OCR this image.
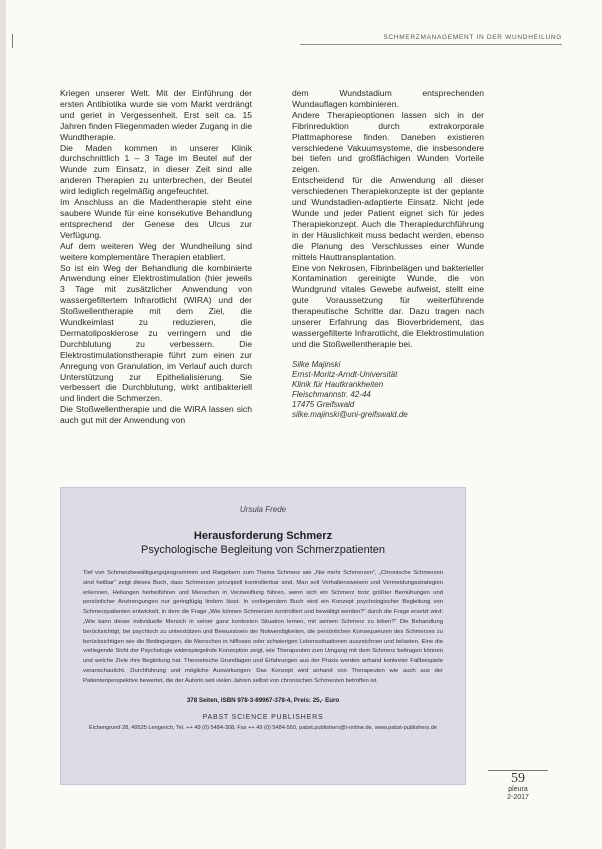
SCHMERZMANAGEMENT IN DER WUNDHEILUNG

Kriegen unserer Welt. Mit der Einführung der ersten Antibiotika wurde sie vom Markt verdrängt und geriet in Vergessenheit. Erst seit ca. 15 Jahren finden Fliegenmaden wieder Zugang in die Wundtherapie.

Die Maden kommen in unserer Klinik durchschnittlich 1 – 3 Tage im Beutel auf der Wunde zum Einsatz, in dieser Zeit sind alle anderen Therapien zu unterbrechen, der Beutel wird lediglich regelmäßig angefeuchtet.

Im Anschluss an die Madentherapie steht eine saubere Wunde für eine konsekutive Behandlung entsprechend der Genese des Ulcus zur Verfügung.

Auf dem weiteren Weg der Wundheilung sind weitere komplementäre Therapien etabliert.

So ist ein Weg der Behandlung die kombinierte Anwendung einer Elektrostimulation (hier jeweils 3 Tage mit zusätzlicher Anwendung von wassergefiltertem Infrarotlicht (WIRA) und der Stoßwellentherapie mit dem Ziel, die Wundkeimlast zu reduzieren, die Dermatoliposklerose zu verringern und die Durchblutung zu verbessern. Die Elektrostimulationstherapie führt zum einen zur Anregung von Granulation, im Verlauf auch durch Unterstützung zur Epithelialisierung. Sie verbessert die Durchblutung, wirkt antibakteriell und lindert die Schmerzen.

Die Stoßwellentherapie und die WIRA lassen sich auch gut mit der Anwendung von

dem Wundstadium entsprechenden Wundauflagen kombinieren.

Andere Therapieoptionen lassen sich in der Fibrinreduktion durch extrakorporale Plattmaphorese finden. Daneben existieren verschiedene Vakuumsysteme, die insbesondere bei tiefen und großflächigen Wunden Vorteile zeigen.

Entscheidend für die Anwendung all dieser verschiedenen Therapiekonzepte ist der geplante und Wundstadien-adaptierte Einsatz. Nicht jede Wunde und jeder Patient eignet sich für jedes Therapiekonzept. Auch die Therapiedurchführung in der Häuslichkeit muss bedacht werden, ebenso die Planung des Verschlusses einer Wunde mittels Hauttransplantation.

Eine von Nekrosen, Fibrinbelägen und bakterieller Kontamination gereinigte Wunde, die von Wundgrund vitales Gewebe aufweist, stellt eine gute Voraussetzung für weiterführende therapeutische Schritte dar. Dazu tragen nach unserer Erfahrung das Bioverbridement, das wassergefilterte Infrarotlicht, die Elektrostimulation und die Stoßwellentherapie bei.

Silke Majinski
Ernst-Moritz-Arndt-Universität
Klinik für Hautkrankheiten
Fleischmannstr. 42-44
17475 Greifswald
silke.majinski@uni-greifswald.de
Ursula Frede
Herausforderung Schmerz
Psychologische Begleitung von Schmerzpatienten
Tief von Schmerzbewältigungsprogrammen und Ratgebern zum Thema Schmerz wie „Nie mehr Schmerzen“, „Chronische Schmerzen sind heilbar“ zeigt dieses Buch, dass Schmerzen prinzipiell kontrollierbar sind. Man soll Verhaltensweisen und Vermeidungsstrategien erkennen, Heilungen herbeiführen und Menschen in Verzweiflung führen, wenn sich ein Schmerz trotz größter Bemühungen und persönlicher Anstrengungen nur geringfügig lindern lässt. In vorliegendem Buch wird ein Konzept psychologischer Begleitung von Schmerzpatienten entwickelt, in dem die Frage „Wie können Schmerzen kontrolliert und bewältigt werden?“ durch die Frage ersetzt wird: „Wie kann dieser individuelle Mensch in seiner ganz konkreten Situation lernen, mit seinem Schmerz zu leben?“ Die Behandlung berücksichtigt, bei psychisch zu unterstützen und Bewusstsein der Notwendigkeiten, die persönlichen Konsequenzen des Schmerzes zu berücksichtigen wie die Bedingungen, die Menschen in hilflosen oder schwierigen Lebenssituationen auszeichnen und belasten. Eine die vorliegende Sicht der Psychologie widerspiegelnde Konzeption zeigt, wie Therapeuten zum Umgang mit dem Schmerz beitragen können und welche Ziele ihre Begleitung hat. Theoretische Grundlagen und Erfahrungen aus der Praxis werden anhand konkreter Fallbeispiele veranschaulicht. Durchführung und mögliche Auswirkungen: Das Konzept wird anhand von Therapeuten wie auch aus der Patientenperspektive bewertet, die der Autorin seit vielen Jahren selbst von chronischen Schmerzen betroffen ist.
378 Seiten, ISBN 978-3-89967-378-4, Preis: 25,- Euro
PABST SCIENCE PUBLISHERS
Eichengrund 28, 49525 Lengerich, Tel. ++ 49 (0) 5484-308, Fax ++ 49 (0) 5484-550, pabst.publishers@t-online.de, www.pabst-publishers.de
59
pleura
2-2017
